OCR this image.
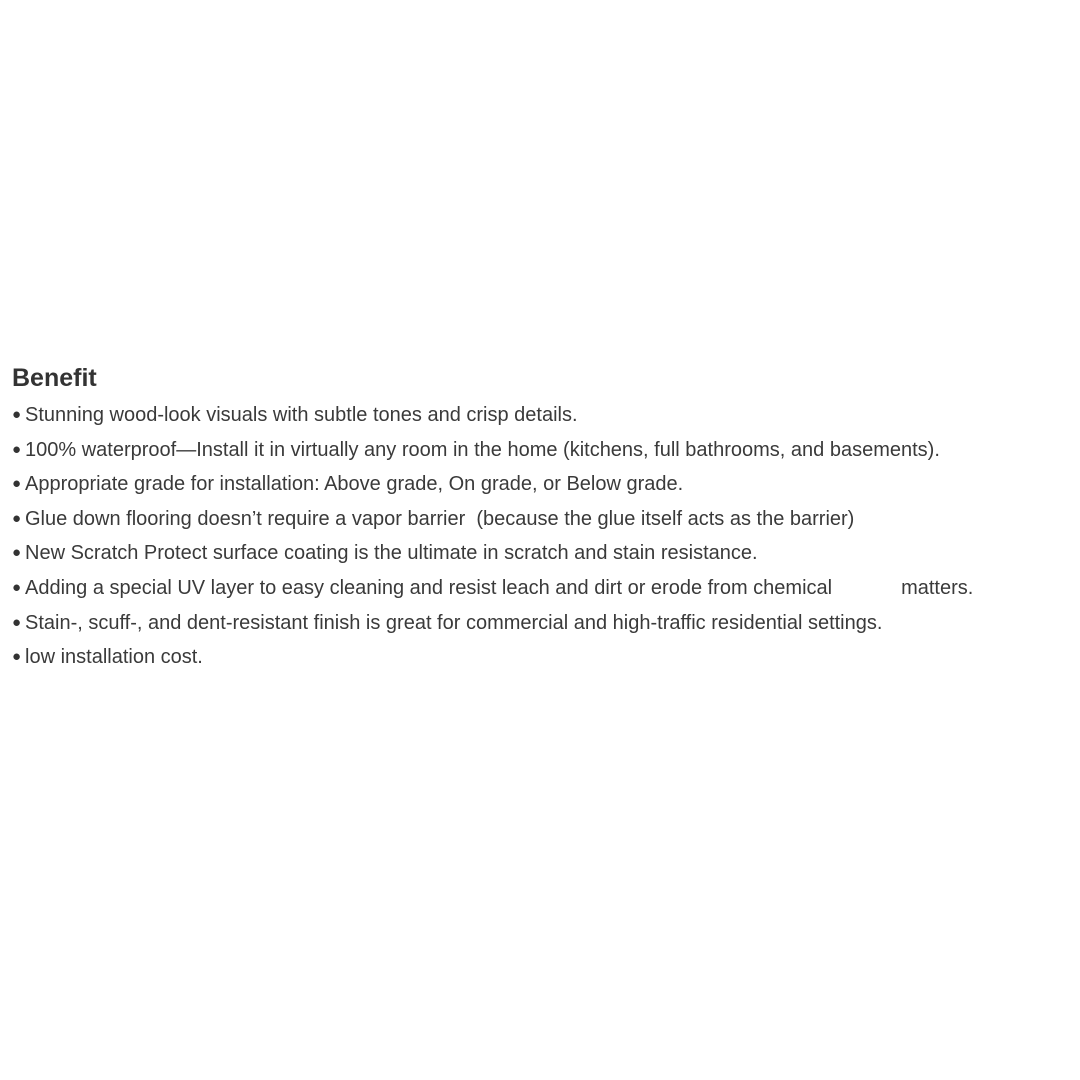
Benefit
● Stunning wood-look visuals with subtle tones and crisp details.
● 100% waterproof—Install it in virtually any room in the home (kitchens, full bathrooms, and basements).
● Appropriate grade for installation: Above grade, On grade, or Below grade.
● Glue down flooring doesn’t require a vapor barrier  (because the glue itself acts as the barrier)
● New Scratch Protect surface coating is the ultimate in scratch and stain resistance.
● Adding a special UV layer to easy cleaning and resist leach and dirt or erode from chemical	matters.
● Stain-, scuff-, and dent-resistant finish is great for commercial and high-traffic residential settings.
● low installation cost.
